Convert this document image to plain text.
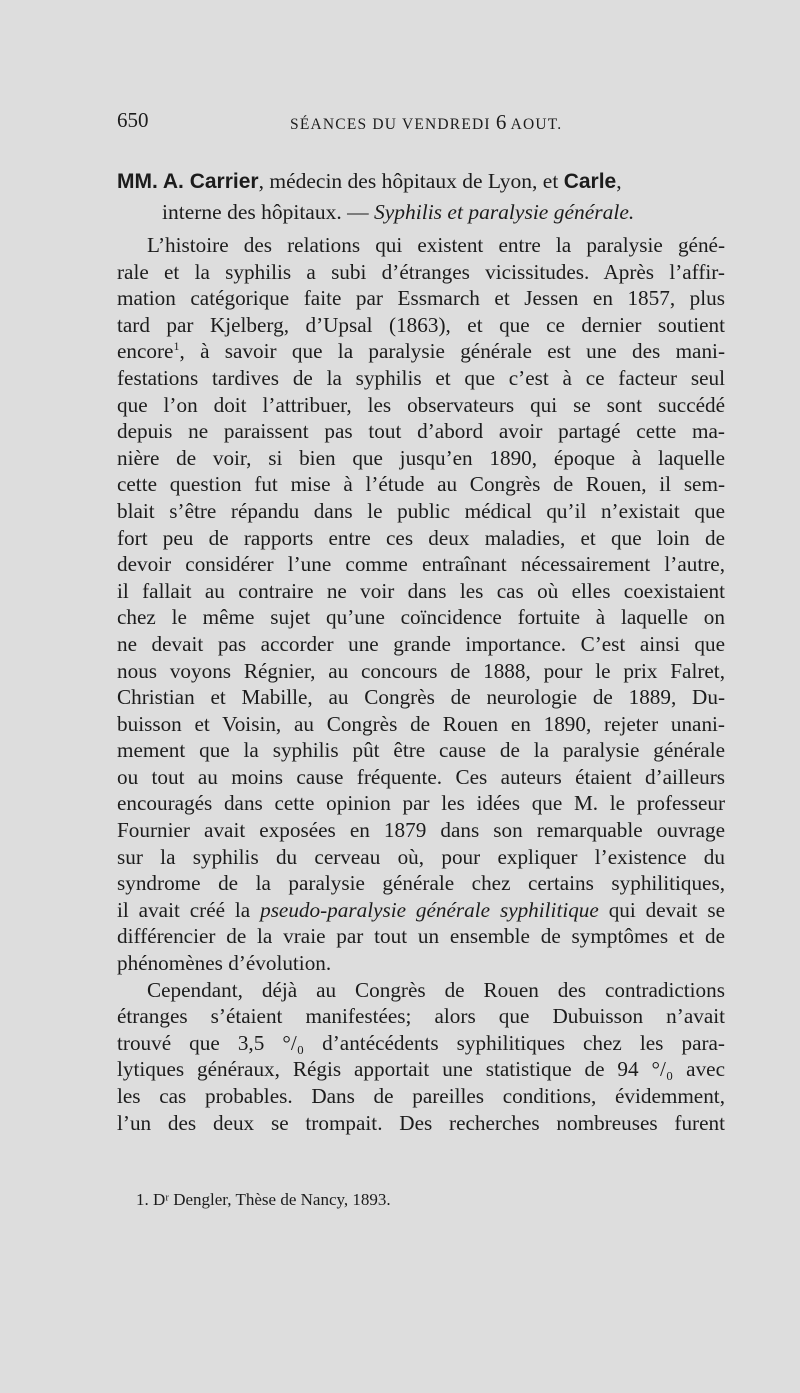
650	SÉANCES DU VENDREDI 6 AOUT.
MM. A. Carrier, médecin des hôpitaux de Lyon, et Carle,
interne des hôpitaux. — Syphilis et paralysie générale.
L’histoire des relations qui existent entre la paralysie géné-
rale et la syphilis a subi d’étranges vicissitudes. Après l’affir-
mation catégorique faite par Essmarch et Jessen en 1857, plus
tard par Kjelberg, d’Upsal (1863), et que ce dernier soutient
encore$^1$, à savoir que la paralysie générale est une des mani-
festations tardives de la syphilis et que c’est à ce facteur seul
que l’on doit l’attribuer, les observateurs qui se sont succédé
depuis ne paraissent pas tout d’abord avoir partagé cette ma-
nière de voir, si bien que jusqu’en 1890, époque à laquelle
cette question fut mise à l’étude au Congrès de Rouen, il sem-
blait s’être répandu dans le public médical qu’il n’existait que
fort peu de rapports entre ces deux maladies, et que loin de
devoir considérer l’une comme entraînant nécessairement l’autre,
il fallait au contraire ne voir dans les cas où elles coexistaient
chez le même sujet qu’une coïncidence fortuite à laquelle on
ne devait pas accorder une grande importance. C’est ainsi que
nous voyons Régnier, au concours de 1888, pour le prix Falret,
Christian et Mabille, au Congrès de neurologie de 1889, Du-
buisson et Voisin, au Congrès de Rouen en 1890, rejeter unani-
mement que la syphilis pût être cause de la paralysie générale
ou tout au moins cause fréquente. Ces auteurs étaient d’ailleurs
encouragés dans cette opinion par les idées que M. le professeur
Fournier avait exposées en 1879 dans son remarquable ouvrage
sur la syphilis du cerveau où, pour expliquer l’existence du
syndrome de la paralysie générale chez certains syphilitiques,
il avait créé la pseudo-paralysie générale syphilitique qui devait se
différencier de la vraie par tout un ensemble de symptômes et de
phénomènes d’évolution.
Cependant, déjà au Congrès de Rouen des contradictions
étranges s’étaient manifestées; alors que Dubuisson n’avait
trouvé que 3,5 °/₀ d’antécédents syphilitiques chez les para-
lytiques généraux, Régis apportait une statistique de 94 °/₀ avec
les cas probables. Dans de pareilles conditions, évidemment,
l’un des deux se trompait. Des recherches nombreuses furent
1. Dʳ Dengler, Thèse de Nancy, 1893.
